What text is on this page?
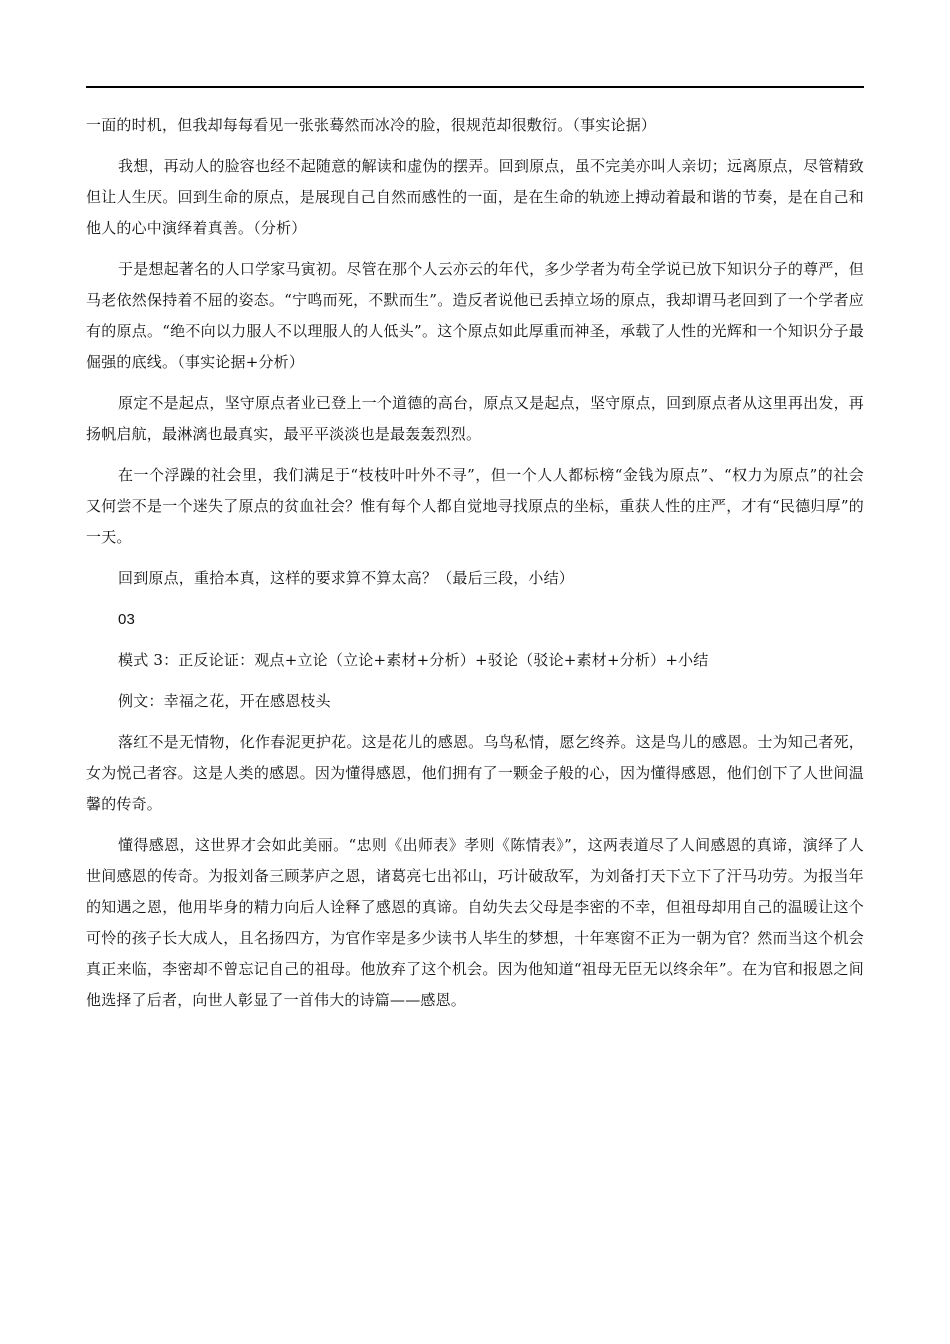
一面的时机，但我却每每看见一张张蓦然而冰冷的脸，很规范却很敷衍。（事实论据）

我想，再动人的脸容也经不起随意的解读和虚伪的摆弄。回到原点，虽不完美亦叫人亲切；远离原点，尽管精致但让人生厌。回到生命的原点，是展现自己自然而感性的一面，是在生命的轨迹上搏动着最和谐的节奏，是在自己和他人的心中演绎着真善。（分析）

于是想起著名的人口学家马寅初。尽管在那个人云亦云的年代，多少学者为苟全学说已放下知识分子的尊严，但马老依然保持着不屈的姿态。“宁鸣而死，不默而生”。造反者说他已丢掉立场的原点，我却谓马老回到了一个学者应有的原点。“绝不向以力服人不以理服人的人低头”。这个原点如此厚重而神圣，承载了人性的光辉和一个知识分子最倔强的底线。（事实论据+分析）

原定不是起点，坚守原点者业已登上一个道德的高台，原点又是起点，坚守原点，回到原点者从这里再出发，再扬帆启航，最淋漓也最真实，最平平淡淡也是最轰轰烈烈。

在一个浮躁的社会里，我们满足于“枝枝叶叶外不寻”，但一个人人都标榜“金钱为原点”、“权力为原点”的社会又何尝不是一个迷失了原点的贫血社会？惟有每个人都自觉地寻找原点的坐标，重获人性的庄严，才有“民德归厚”的一天。

回到原点，重拾本真，这样的要求算不算太高？（最后三段，小结）

03

模式 3：正反论证：观点+立论（立论+素材+分析）+驳论（驳论+素材+分析）+小结

例文：幸福之花，开在感恩枝头

落红不是无情物，化作春泥更护花。这是花儿的感恩。乌鸟私情，愿乞终养。这是鸟儿的感恩。士为知己者死，女为悦己者容。这是人类的感恩。因为懂得感恩，他们拥有了一颗金子般的心，因为懂得感恩，他们创下了人世间温馨的传奇。

懂得感恩，这世界才会如此美丽。“忠则《出师表》孝则《陈情表》”，这两表道尽了人间感恩的真谛，演绎了人世间感恩的传奇。为报刘备三顾茅庐之恩，诸葛亮七出祁山，巧计破敌军，为刘备打天下立下了汗马功劳。为报当年的知遇之恩，他用毕身的精力向后人诠释了感恩的真谛。自幼失去父母是李密的不幸，但祖母却用自己的温暖让这个可怜的孩子长大成人，且名扬四方，为官作宰是多少读书人毕生的梦想，十年寒窗不正为一朝为官？然而当这个机会真正来临，李密却不曾忘记自己的祖母。他放弃了这个机会。因为他知道“祖母无臣无以终余年”。在为官和报恩之间他选择了后者，向世人彰显了一首伟大的诗篇——感恩。
